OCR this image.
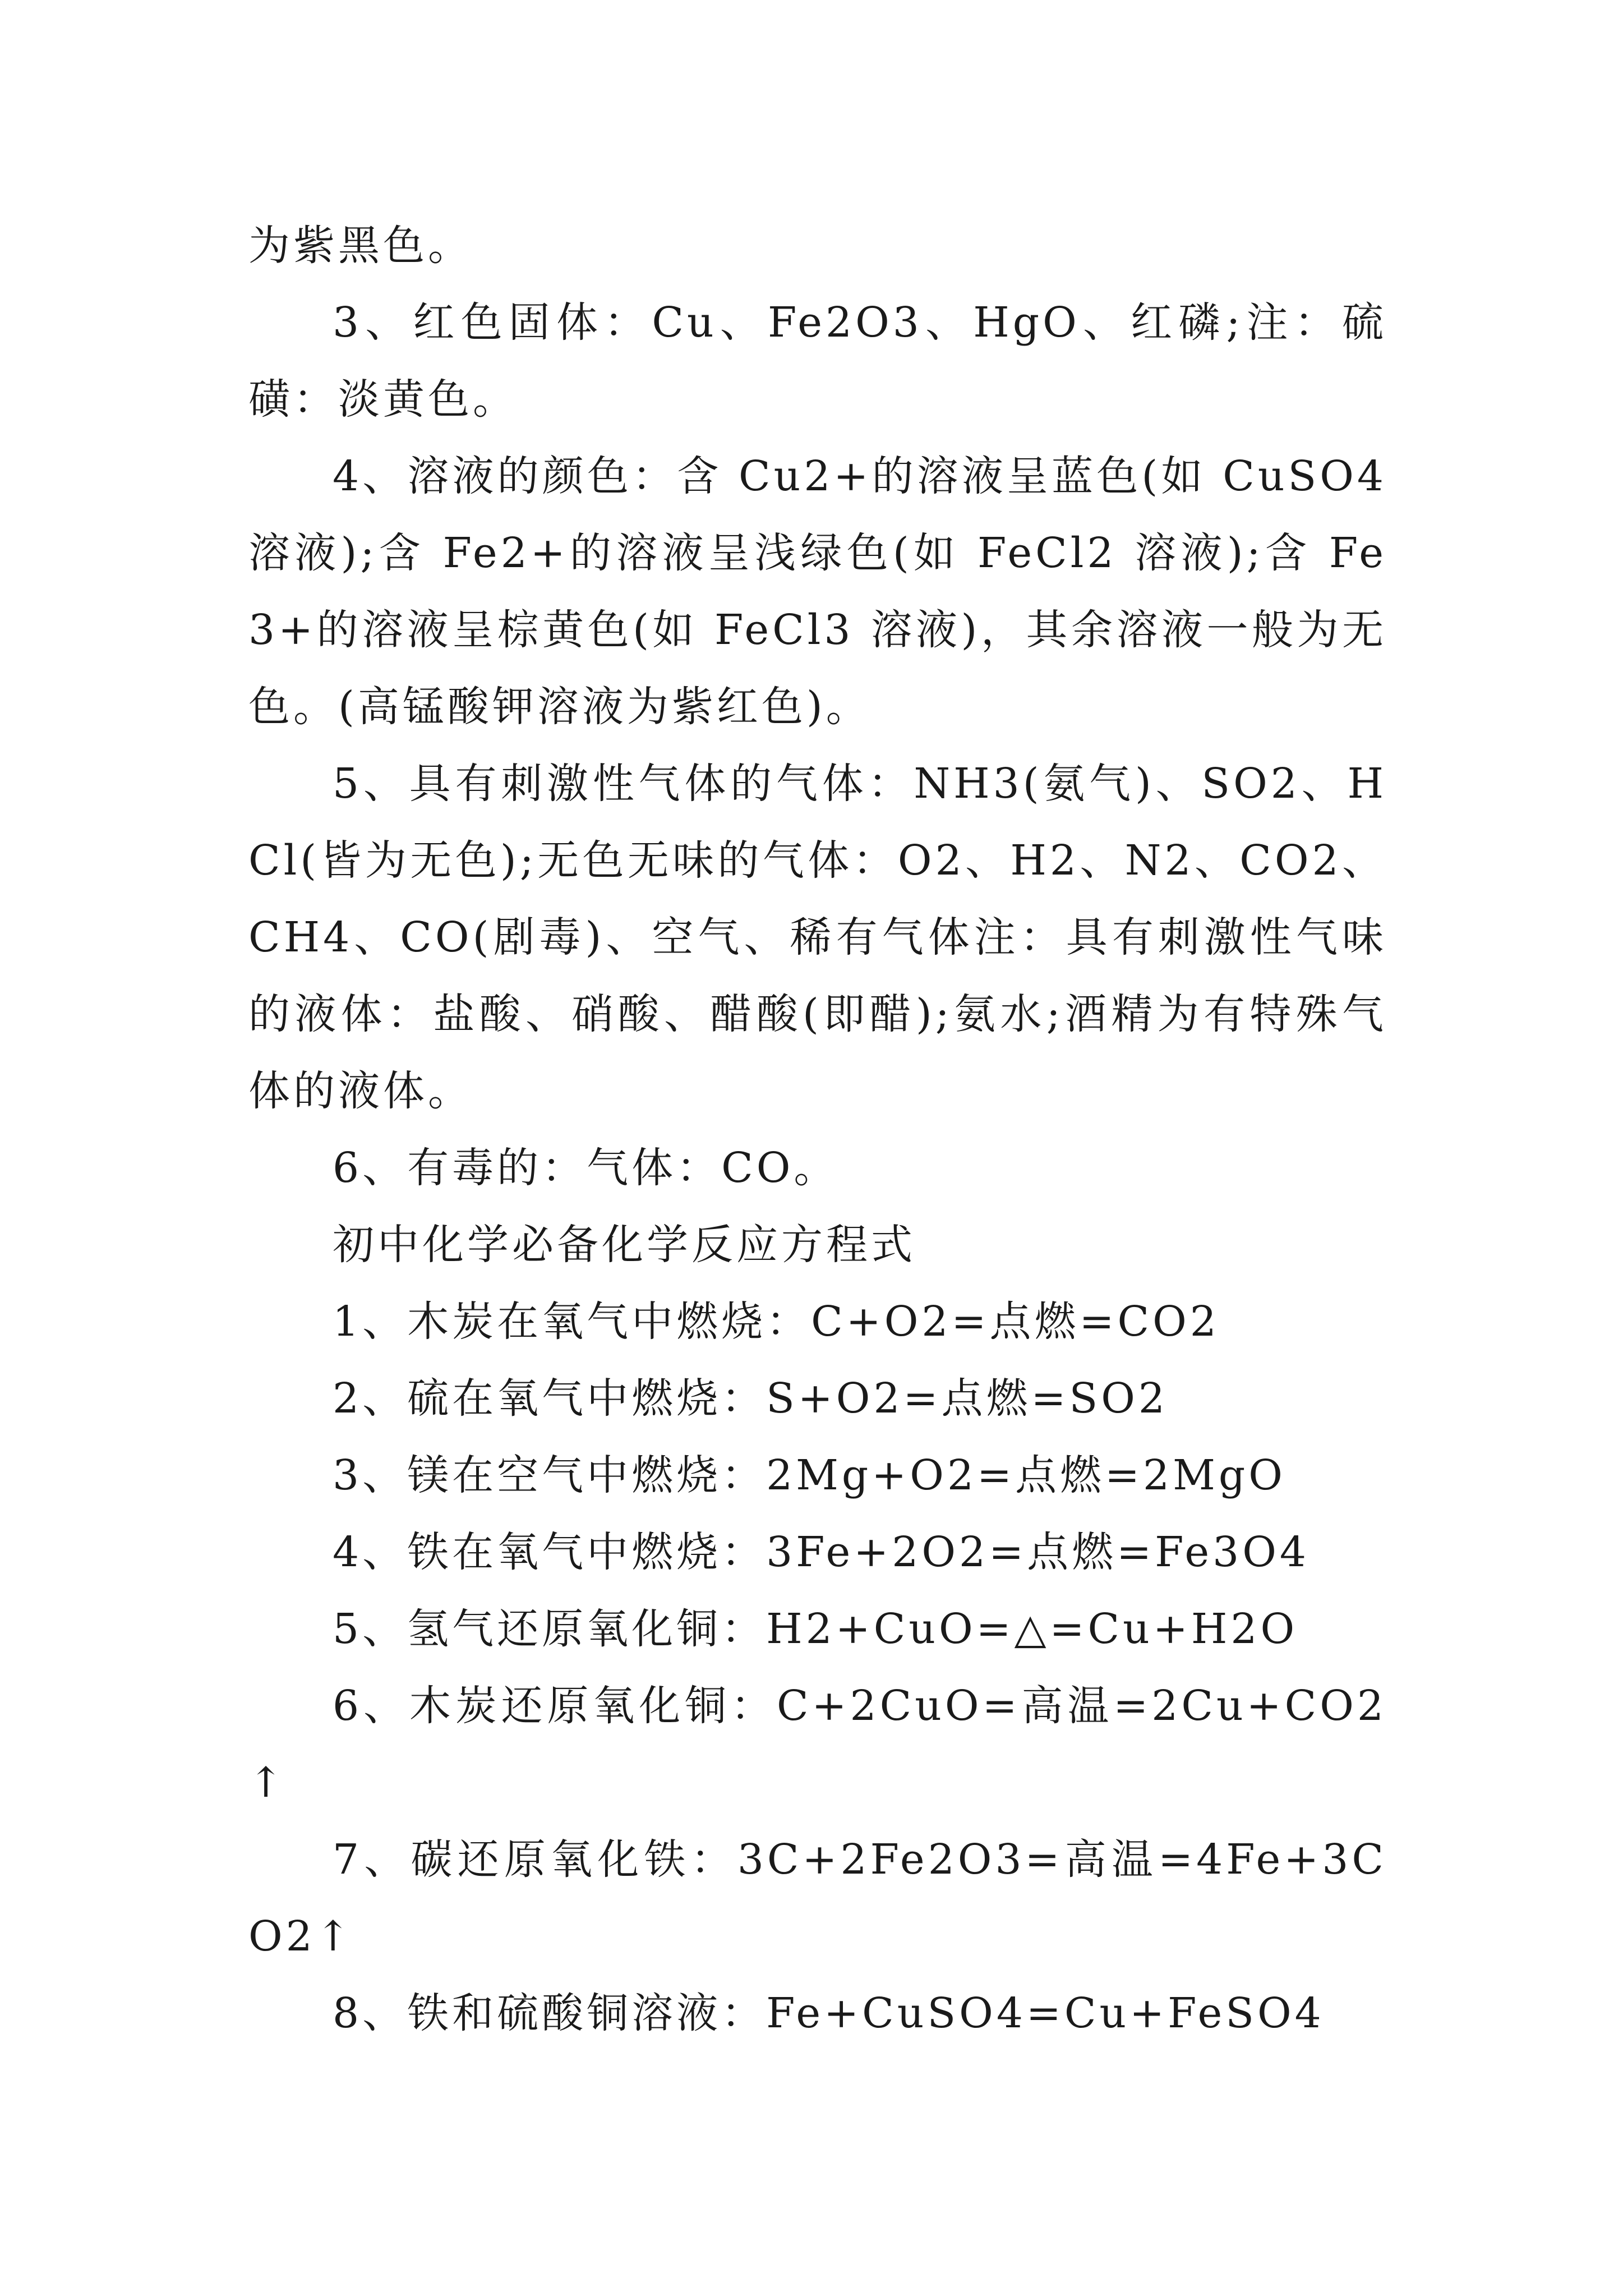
为紫黑色。

3、红色固体：Cu、Fe2O3、HgO、红磷;注：硫磺：淡黄色。

4、溶液的颜色：含 Cu2+的溶液呈蓝色(如 CuSO4 溶液);含 Fe2+的溶液呈浅绿色(如 FeCl2 溶液);含 Fe3+的溶液呈棕黄色(如 FeCl3 溶液)，其余溶液一般为无色。(高锰酸钾溶液为紫红色)。

5、具有刺激性气体的气体：NH3(氨气)、SO2、HCl(皆为无色);无色无味的气体：O2、H2、N2、CO2、CH4、CO(剧毒)、空气、稀有气体注：具有刺激性气味的液体：盐酸、硝酸、醋酸(即醋);氨水;酒精为有特殊气体的液体。

6、有毒的：气体：CO。

初中化学必备化学反应方程式

1、木炭在氧气中燃烧：C+O2=点燃=CO2

2、硫在氧气中燃烧：S+O2=点燃=SO2

3、镁在空气中燃烧：2Mg+O2=点燃=2MgO

4、铁在氧气中燃烧：3Fe+2O2=点燃=Fe3O4

5、氢气还原氧化铜：H2+CuO=△=Cu+H2O

6、木炭还原氧化铜：C+2CuO=高温=2Cu+CO2↑

7、碳还原氧化铁：3C+2Fe2O3=高温=4Fe+3CO2↑

8、铁和硫酸铜溶液：Fe+CuSO4=Cu+FeSO4
